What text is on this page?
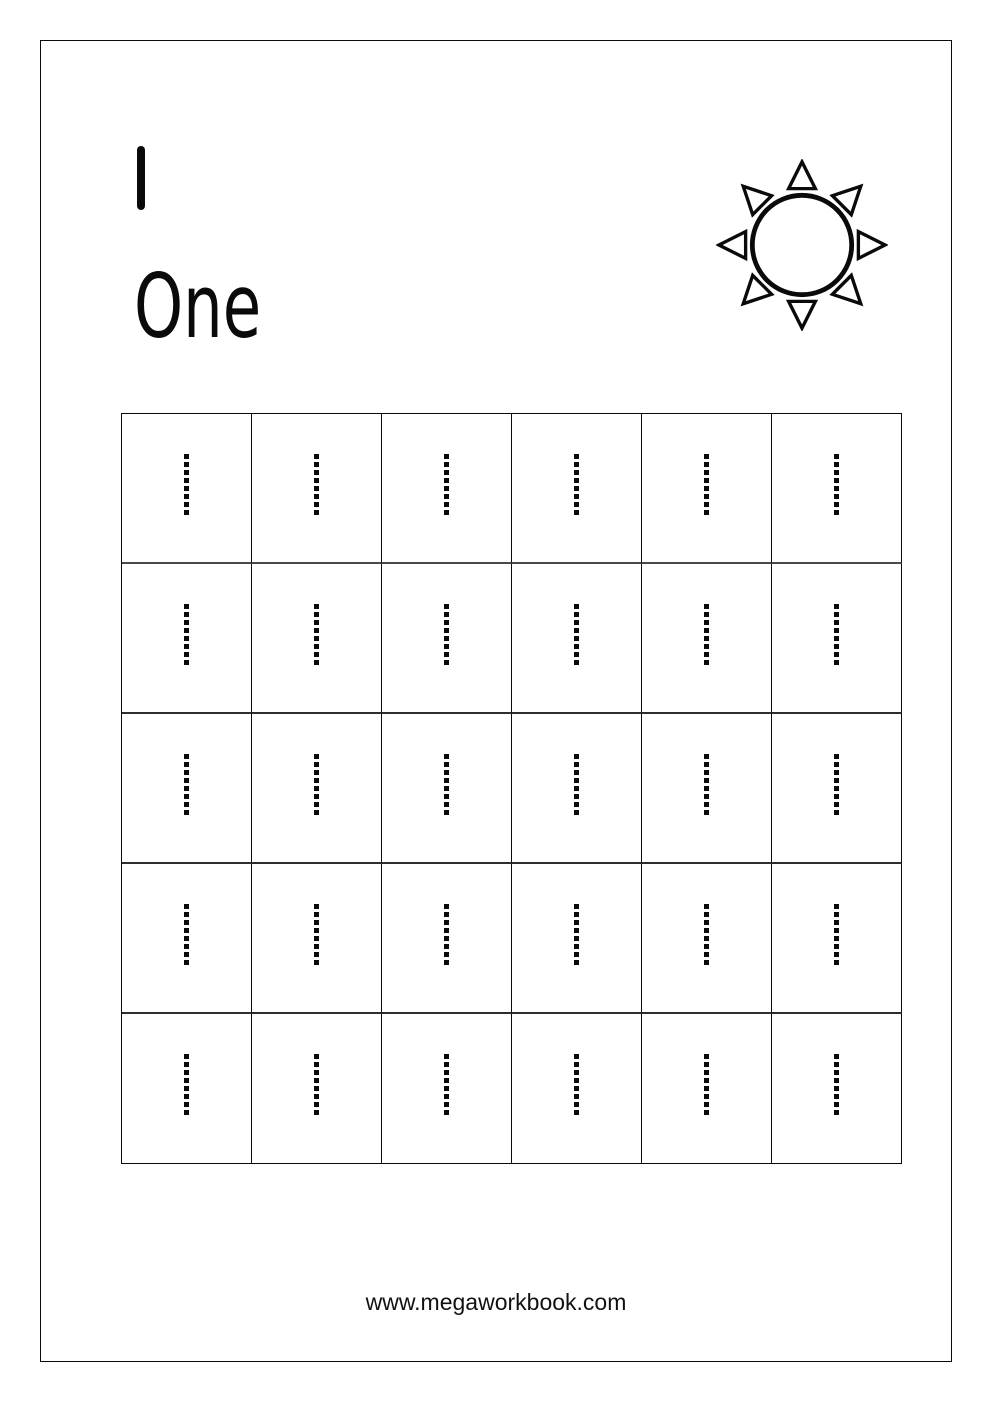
One
www.megaworkbook.com
